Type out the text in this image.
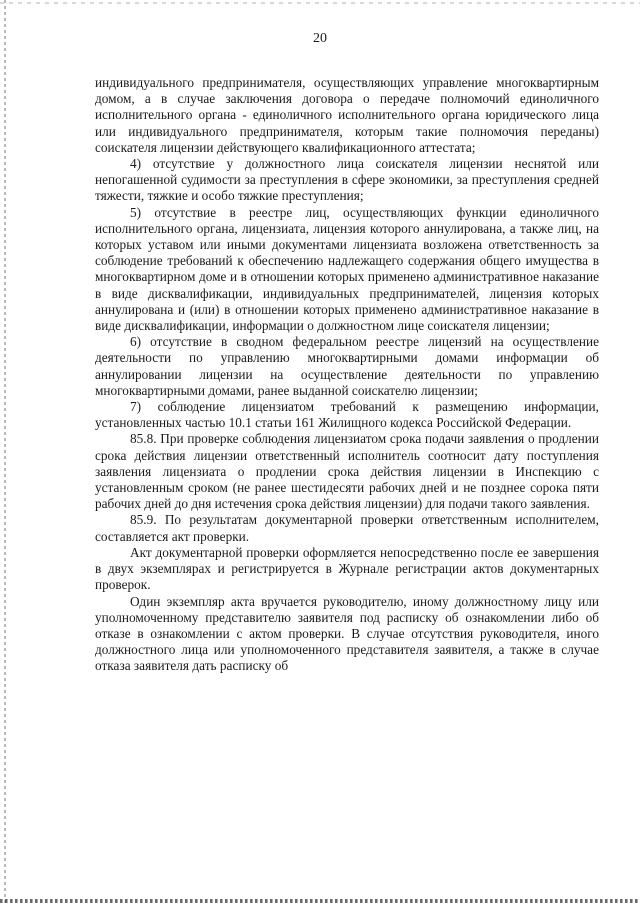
20

индивидуального предпринимателя, осуществляющих управление многоквартирным домом, а в случае заключения договора о передаче полномочий единоличного исполнительного органа - единоличного исполнительного органа юридического лица или индивидуального предпринимателя, которым такие полномочия переданы) соискателя лицензии действующего квалификационного аттестата;

4) отсутствие у должностного лица соискателя лицензии неснятой или непогашенной судимости за преступления в сфере экономики, за преступления средней тяжести, тяжкие и особо тяжкие преступления;

5) отсутствие в реестре лиц, осуществляющих функции единоличного исполнительного органа, лицензиата, лицензия которого аннулирована, а также лиц, на которых уставом или иными документами лицензиата возложена ответственность за соблюдение требований к обеспечению надлежащего содержания общего имущества в многоквартирном доме и в отношении которых применено административное наказание в виде дисквалификации, индивидуальных предпринимателей, лицензия которых аннулирована и (или) в отношении которых применено административное наказание в виде дисквалификации, информации о должностном лице соискателя лицензии;

6) отсутствие в сводном федеральном реестре лицензий на осуществление деятельности по управлению многоквартирными домами информации об аннулировании лицензии на осуществление деятельности по управлению многоквартирными домами, ранее выданной соискателю лицензии;

7) соблюдение лицензиатом требований к размещению информации, установленных частью 10.1 статьи 161 Жилищного кодекса Российской Федерации.

85.8. При проверке соблюдения лицензиатом срока подачи заявления о продлении срока действия лицензии ответственный исполнитель соотносит дату поступления заявления лицензиата о продлении срока действия лицензии в Инспекцию с установленным сроком (не ранее шестидесяти рабочих дней и не позднее сорока пяти рабочих дней до дня истечения срока действия лицензии) для подачи такого заявления.

85.9. По результатам документарной проверки ответственным исполнителем, составляется акт проверки.

Акт документарной проверки оформляется непосредственно после ее завершения в двух экземплярах и регистрируется в Журнале регистрации актов документарных проверок.

Один экземпляр акта вручается руководителю, иному должностному лицу или уполномоченному представителю заявителя под расписку об ознакомлении либо об отказе в ознакомлении с актом проверки. В случае отсутствия руководителя, иного должностного лица или уполномоченного представителя заявителя, а также в случае отказа заявителя дать расписку об
